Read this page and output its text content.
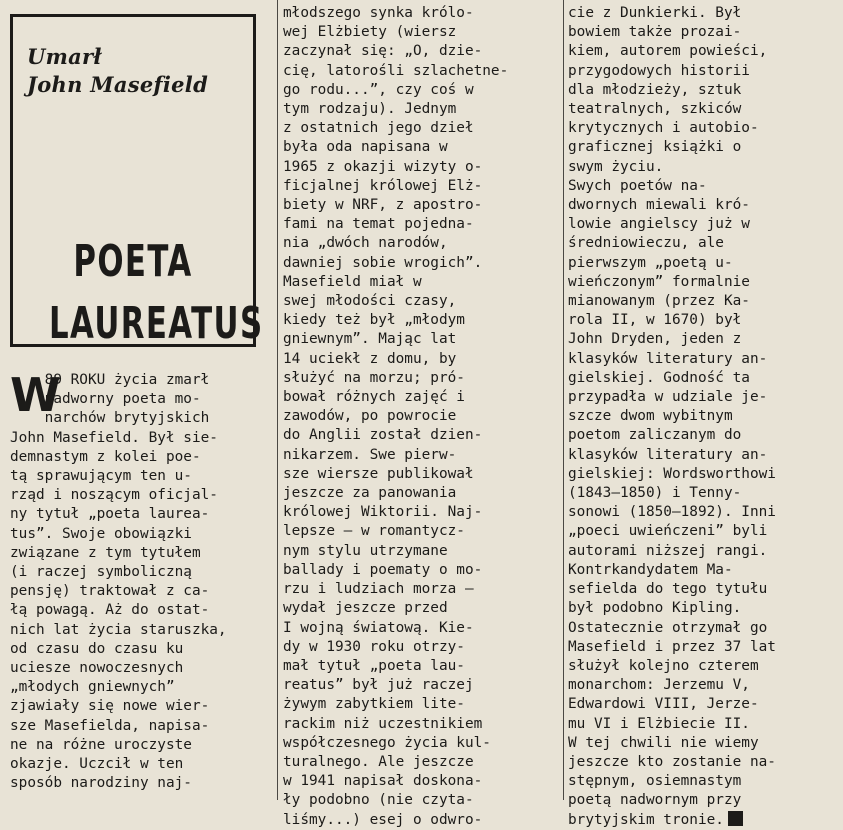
Umarł
John Masefield
POETA
LAUREATUS
W
89 ROKU życia zmarł
nadworny poeta mo-
narchów brytyjskich
John Masefield. Był sie-
demnastym z kolei poe-
tą sprawującym ten u-
rząd i noszącym oficjal-
ny tytuł „poeta laurea-
tus”. Swoje obowiązki
związane z tym tytułem
(i raczej symboliczną
pensję) traktował z ca-
łą powagą. Aż do ostat-
nich lat życia staruszka,
od czasu do czasu ku
uciesze nowoczesnych
„młodych gniewnych”
zjawiały się nowe wier-
sze Masefielda, napisa-
ne na różne uroczyste
okazje. Uczcił w ten
sposób narodziny naj-
młodszego synka królo-
wej Elżbiety (wiersz
zaczynał się: „O, dzie-
cię, latorośli szlachetne-
go rodu...”, czy coś w
tym rodzaju). Jednym
z ostatnich jego dzieł
była oda napisana w
1965 z okazji wizyty o-
ficjalnej królowej Elż-
biety w NRF, z apostro-
fami na temat pojedna-
nia „dwóch narodów,
dawniej sobie wrogich”.
Masefield miał w
swej młodości czasy,
kiedy też był „młodym
gniewnym”. Mając lat
14 uciekł z domu, by
służyć na morzu; pró-
bował różnych zajęć i
zawodów, po powrocie
do Anglii został dzien-
nikarzem. Swe pierw-
sze wiersze publikował
jeszcze za panowania
królowej Wiktorii. Naj-
lepsze — w romantycz-
nym stylu utrzymane
ballady i poematy o mo-
rzu i ludziach morza —
wydał jeszcze przed
I wojną światową. Kie-
dy w 1930 roku otrzy-
mał tytuł „poeta lau-
reatus” był już raczej
żywym zabytkiem lite-
rackim niż uczestnikiem
współczesnego życia kul-
turalnego. Ale jeszcze
w 1941 napisał doskona-
ły podobno (nie czyta-
liśmy...) esej o odwro-
cie z Dunkierki. Był
bowiem także prozai-
kiem, autorem powieści,
przygodowych historii
dla młodzieży, sztuk
teatralnych, szkiców
krytycznych i autobio-
graficznej książki o
swym życiu.
Swych poetów na-
dwornych miewali kró-
lowie angielscy już w
średniowieczu, ale
pierwszym „poetą u-
wieńczonym” formalnie
mianowanym (przez Ka-
rola II, w 1670) był
John Dryden, jeden z
klasyków literatury an-
gielskiej. Godność ta
przypadła w udziale je-
szcze dwom wybitnym
poetom zaliczanym do
klasyków literatury an-
gielskiej: Wordsworthowi
(1843—1850) i Tenny-
sonowi (1850—1892). Inni
„poeci uwieńczeni” byli
autorami niższej rangi.
Kontrkandydatem Ma-
sefielda do tego tytułu
był podobno Kipling.
Ostatecznie otrzymał go
Masefield i przez 37 lat
służył kolejno czterem
monarchom: Jerzemu V,
Edwardowi VIII, Jerze-
mu VI i Elżbiecie II.
W tej chwili nie wiemy
jeszcze kto zostanie na-
stępnym, osiemnastym
poetą nadwornym przy
brytyjskim tronie.
